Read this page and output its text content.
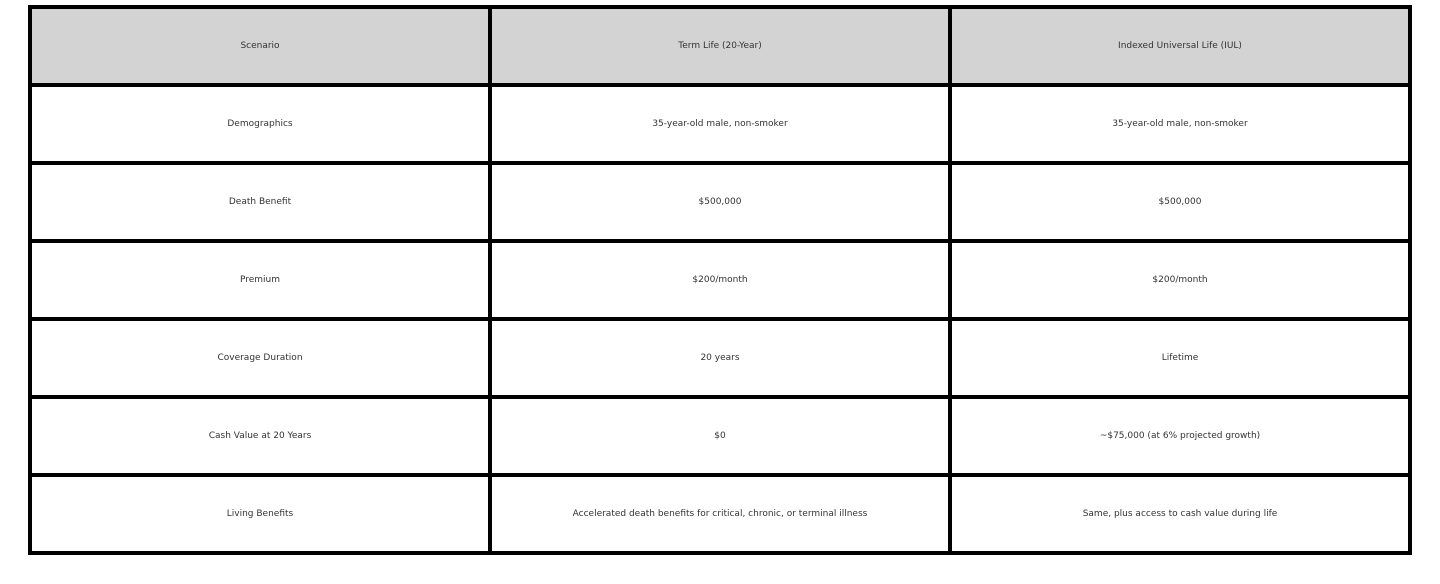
Scenario	Term Life (20-Year)	Indexed Universal Life (IUL)
Demographics	35-year-old male, non-smoker	35-year-old male, non-smoker
Death Benefit	$500,000	$500,000
Premium	$200/month	$200/month
Coverage Duration	20 years	Lifetime
Cash Value at 20 Years	$0	~$75,000 (at 6% projected growth)
Living Benefits	Accelerated death benefits for critical, chronic, or terminal illness	Same, plus access to cash value during life
